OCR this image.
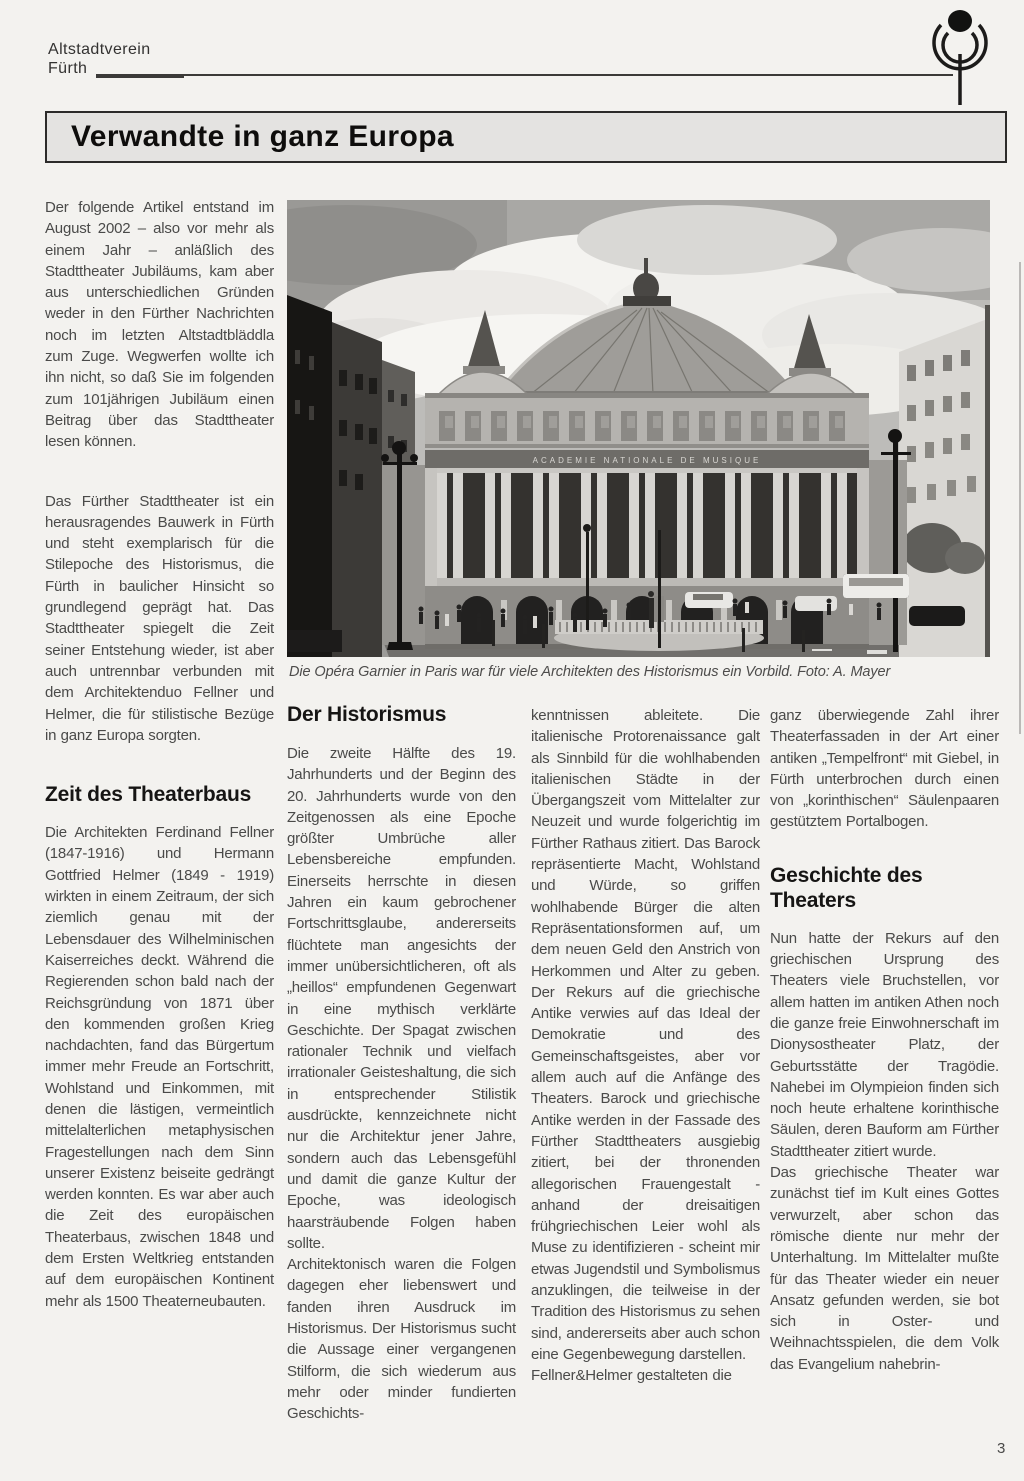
Altstadtverein
Fürth
Verwandte in ganz Europa
ACADEMIE NATIONALE DE MUSIQUE
Die Opéra Garnier in Paris war für viele Architekten des Historismus ein Vorbild. Foto: A. Mayer

Der folgende Artikel entstand im August 2002 – also vor mehr als einem Jahr – anläßlich des Stadttheater Jubiläums, kam aber aus unterschiedlichen Gründen weder in den Fürther Nachrichten noch im letzten Altstadtbläddla zum Zuge. Wegwerfen wollte ich ihn nicht, so daß Sie im folgenden zum 101jährigen Jubiläum einen Beitrag über das Stadttheater lesen können.

Das Fürther Stadttheater ist ein herausragendes Bauwerk in Fürth und steht exemplarisch für die Stilepoche des Historismus, die Fürth in baulicher Hinsicht so grundlegend geprägt hat. Das Stadttheater spiegelt die Zeit seiner Entstehung wieder, ist aber auch untrennbar verbunden mit dem Architektenduo Fellner und Helmer, die für stilistische Bezüge in ganz Europa sorgten.

Zeit des Theaterbaus

Die Architekten Ferdinand Fellner (1847-1916) und Hermann Gottfried Helmer (1849 - 1919) wirkten in einem Zeitraum, der sich ziemlich genau mit der Lebensdauer des Wilhelminischen Kaiserreiches deckt. Während die Regierenden schon bald nach der Reichsgründung von 1871 über den kommenden großen Krieg nachdachten, fand das Bürgertum immer mehr Freude an Fortschritt, Wohlstand und Einkommen, mit denen die lästigen, vermeintlich mittelalterlichen metaphysischen Fragestellungen nach dem Sinn unserer Existenz beiseite gedrängt werden konnten. Es war aber auch die Zeit des europäischen Theaterbaus, zwischen 1848 und dem Ersten Weltkrieg entstanden auf dem europäischen Kontinent mehr als 1500 Theaterneubauten.

Der Historismus

Die zweite Hälfte des 19. Jahrhunderts und der Beginn des 20. Jahrhunderts wurde von den Zeitgenossen als eine Epoche größter Umbrüche aller Lebensbereiche empfunden. Einerseits herrschte in diesen Jahren ein kaum gebrochener Fortschrittsglaube, andererseits flüchtete man angesichts der immer unübersichtlicheren, oft als „heillos“ empfundenen Gegenwart in eine mythisch verklärte Geschichte. Der Spagat zwischen rationaler Technik und vielfach irrationaler Geisteshaltung, die sich in entsprechender Stilistik ausdrückte, kennzeichnete nicht nur die Architektur jener Jahre, sondern auch das Lebensgefühl und damit die ganze Kultur der Epoche, was ideologisch haarsträubende Folgen haben sollte.

Architektonisch waren die Folgen dagegen eher liebenswert und fanden ihren Ausdruck im Historismus. Der Historismus sucht die Aussage einer vergangenen Stilform, die sich wiederum aus mehr oder minder fundierten Geschichts-

kenntnissen ableitete. Die italienische Protorenaissance galt als Sinnbild für die wohlhabenden italienischen Städte in der Übergangszeit vom Mittelalter zur Neuzeit und wurde folgerichtig im Fürther Rathaus zitiert. Das Barock repräsentierte Macht, Wohlstand und Würde, so griffen wohlhabende Bürger die alten Repräsentationsformen auf, um dem neuen Geld den Anstrich von Herkommen und Alter zu geben. Der Rekurs auf die griechische Antike verwies auf das Ideal der Demokratie und des Gemeinschaftsgeistes, aber vor allem auch auf die Anfänge des Theaters. Barock und griechische Antike werden in der Fassade des Fürther Stadttheaters ausgiebig zitiert, bei der thronenden allegorischen Frauengestalt - anhand der dreisaitigen frühgriechischen Leier wohl als Muse zu identifizieren - scheint mir etwas Jugendstil und Symbolismus anzuklingen, die teilweise in der Tradition des Historismus zu sehen sind, andererseits aber auch schon eine Gegenbewegung darstellen.

Fellner&Helmer gestalteten die

ganz überwiegende Zahl ihrer Theaterfassaden in der Art einer antiken „Tempelfront“ mit Giebel, in Fürth unterbrochen durch einen von „korinthischen“ Säulenpaaren gestütztem Portalbogen.

Geschichte des Theaters

Nun hatte der Rekurs auf den griechischen Ursprung des Theaters viele Bruchstellen, vor allem hatten im antiken Athen noch die ganze freie Einwohnerschaft im Dionysostheater Platz, der Geburtsstätte der Tragödie. Nahebei im Olympieion finden sich noch heute erhaltene korinthische Säulen, deren Bauform am Fürther Stadttheater zitiert wurde.

Das griechische Theater war zunächst tief im Kult eines Gottes verwurzelt, aber schon das römische diente nur mehr der Unterhaltung. Im Mittelalter mußte für das Theater wieder ein neuer Ansatz gefunden werden, sie bot sich in Oster- und Weihnachtsspielen, die dem Volk das Evangelium nahebrin-

3
